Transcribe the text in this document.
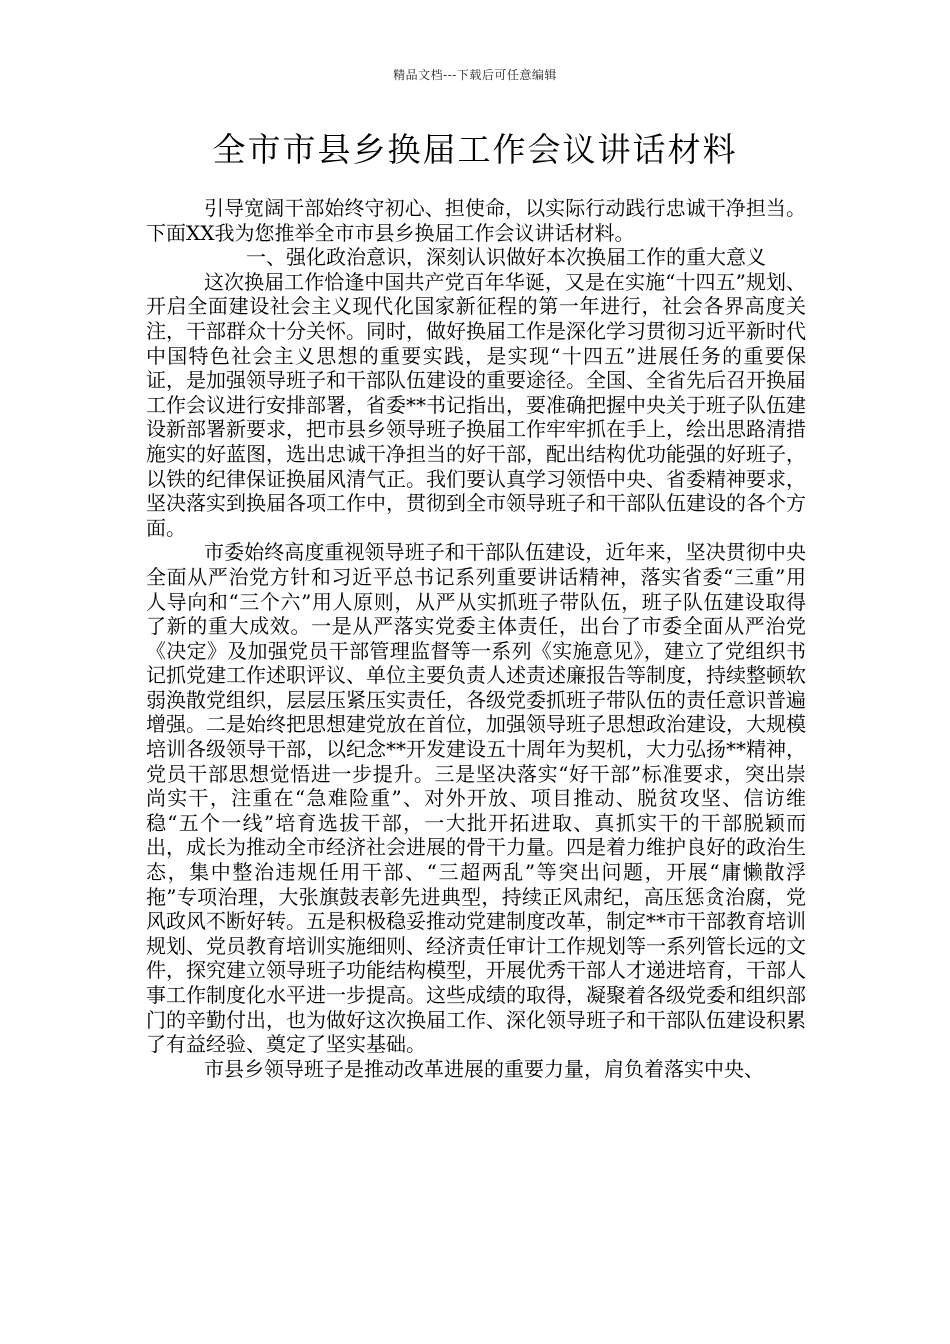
精品文档---下载后可任意编辑
全市市县乡换届工作会议讲话材料

引导宽阔干部始终守初心、担使命，以实际行动践行忠诚干净担当。下面XX我为您推举全市市县乡换届工作会议讲话材料。

一、强化政治意识，深刻认识做好本次换届工作的重大意义

这次换届工作恰逢中国共产党百年华诞，又是在实施“十四五”规划、开启全面建设社会主义现代化国家新征程的第一年进行，社会各界高度关注，干部群众十分关怀。同时，做好换届工作是深化学习贯彻习近平新时代中国特色社会主义思想的重要实践，是实现“十四五”进展任务的重要保证，是加强领导班子和干部队伍建设的重要途径。全国、全省先后召开换届工作会议进行安排部署，省委**书记指出，要准确把握中央关于班子队伍建设新部署新要求，把市县乡领导班子换届工作牢牢抓在手上，绘出思路清措施实的好蓝图，选出忠诚干净担当的好干部，配出结构优功能强的好班子，以铁的纪律保证换届风清气正。我们要认真学习领悟中央、省委精神要求，坚决落实到换届各项工作中，贯彻到全市领导班子和干部队伍建设的各个方面。

市委始终高度重视领导班子和干部队伍建设，近年来，坚决贯彻中央全面从严治党方针和习近平总书记系列重要讲话精神，落实省委“三重”用人导向和“三个六”用人原则，从严从实抓班子带队伍，班子队伍建设取得了新的重大成效。一是从严落实党委主体责任，出台了市委全面从严治党《决定》及加强党员干部管理监督等一系列《实施意见》，建立了党组织书记抓党建工作述职评议、单位主要负责人述责述廉报告等制度，持续整顿软弱涣散党组织，层层压紧压实责任，各级党委抓班子带队伍的责任意识普遍增强。二是始终把思想建党放在首位，加强领导班子思想政治建设，大规模培训各级领导干部，以纪念**开发建设五十周年为契机，大力弘扬**精神，党员干部思想觉悟进一步提升。三是坚决落实“好干部”标准要求，突出崇尚实干，注重在“急难险重”、对外开放、项目推动、脱贫攻坚、信访维稳“五个一线”培育选拔干部，一大批开拓进取、真抓实干的干部脱颖而出，成长为推动全市经济社会进展的骨干力量。四是着力维护良好的政治生态，集中整治违规任用干部、“三超两乱”等突出问题，开展“庸懒散浮拖”专项治理，大张旗鼓表彰先进典型，持续正风肃纪，高压惩贪治腐，党风政风不断好转。五是积极稳妥推动党建制度改革，制定**市干部教育培训规划、党员教育培训实施细则、经济责任审计工作规划等一系列管长远的文件，探究建立领导班子功能结构模型，开展优秀干部人才递进培育，干部人事工作制度化水平进一步提高。这些成绩的取得，凝聚着各级党委和组织部门的辛勤付出，也为做好这次换届工作、深化领导班子和干部队伍建设积累了有益经验、奠定了坚实基础。

市县乡领导班子是推动改革进展的重要力量，肩负着落实中央、
